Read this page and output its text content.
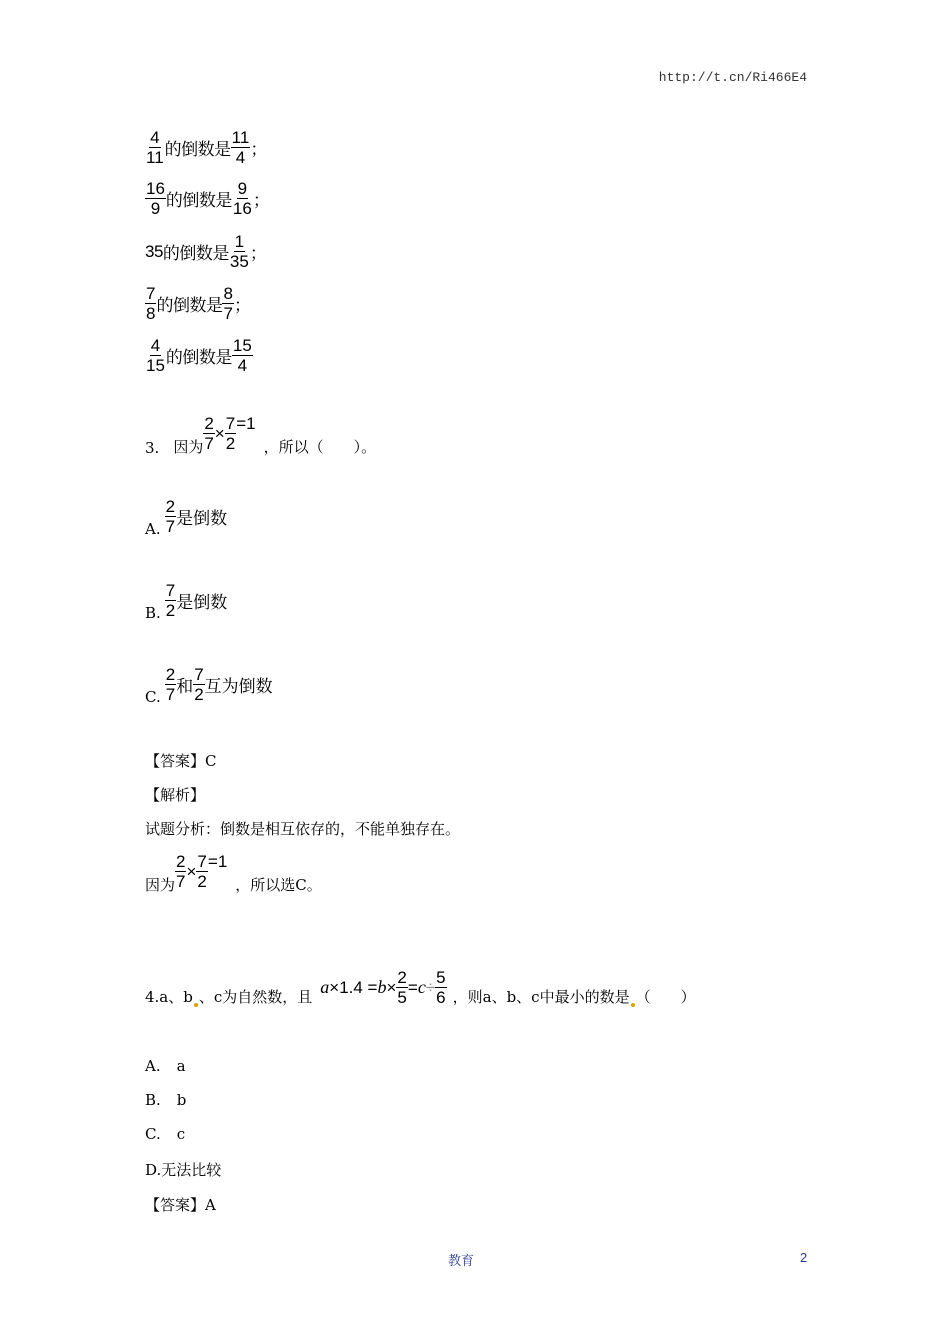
http://t.cn/Ri466E4
$\frac{4}{11}$ 的倒数是 $\frac{11}{4}$ ；
$\frac{16}{9}$ 的倒数是 $\frac{9}{16}$ ；
35 的倒数是 $\frac{1}{35}$ ；
$\frac{7}{8}$ 的倒数是 $\frac{8}{7}$ ；
$\frac{4}{15}$ 的倒数是 $\frac{15}{4}$
3. 因为 $\frac{2}{7} \times \frac{7}{2} =1$
，所以（　　）。
A. $\frac{2}{7}$ 是倒数
B. $\frac{7}{2}$ 是倒数
C. $\frac{2}{7}$ 和 $\frac{7}{2}$ 互为倒数
【答案】C
【解析】
试题分析：倒数是相互依存的，不能单独存在。
因为 $\frac{2}{7} \times \frac{7}{2} =1$
，所以选C。
4.a、b 、c为自然数，且 $a \times 1.4 = b \times \frac{2}{5} = c \div \frac{5}{6}$ ，则a、b、c中最小的数 是 （　　）
A. a
B. b
C. c
D.无法比较
【答案】A
教育	2
